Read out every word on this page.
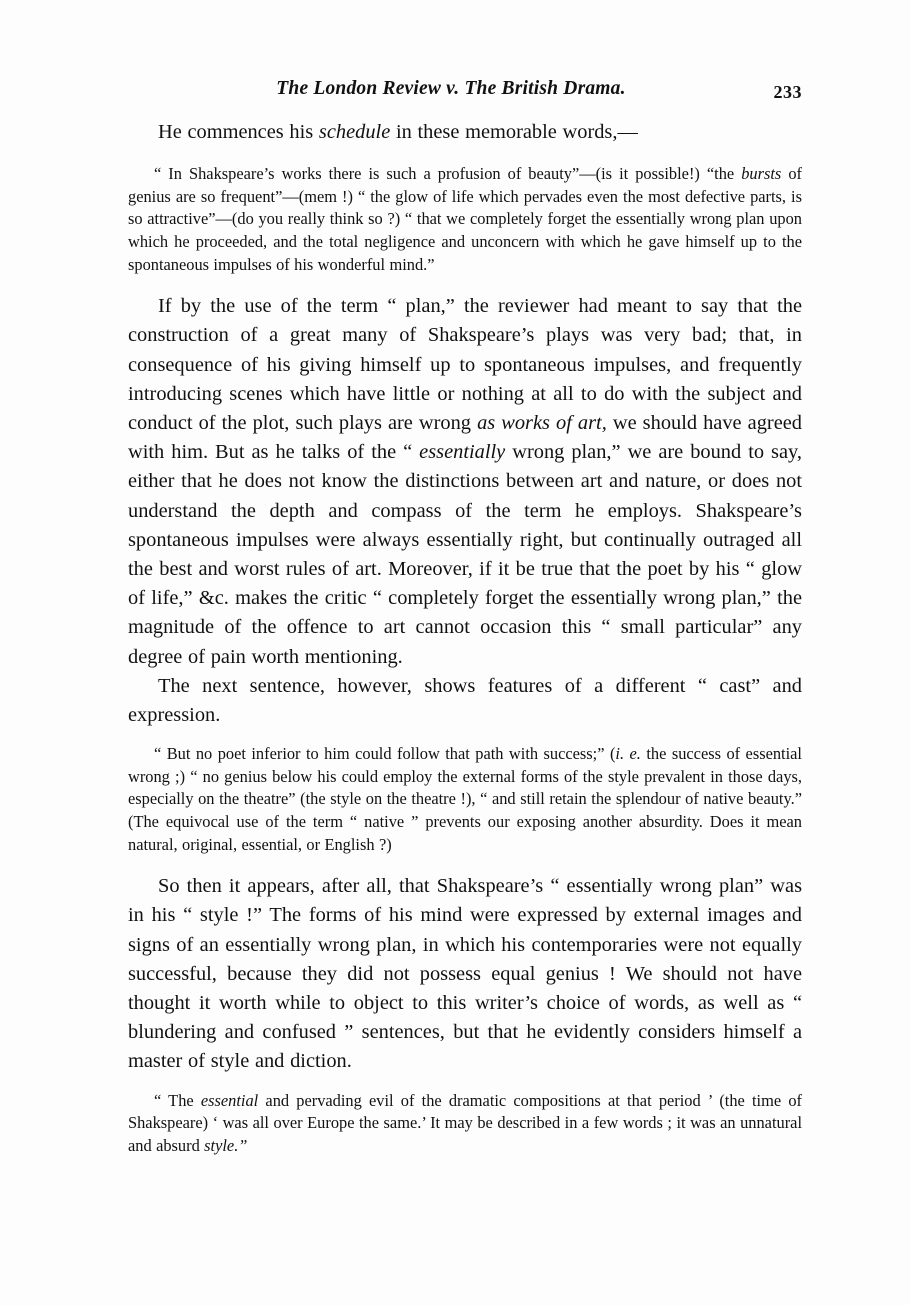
The London Review v. The British Drama.	233

He commences his schedule in these memorable words,—

“ In Shakspeare’s works there is such a profusion of beauty”—(is it possible!) “the bursts of genius are so frequent”—(mem !) “ the glow of life which pervades even the most defective parts, is so attractive”—(do you really think so ?) “ that we completely forget the essentially wrong plan upon which he proceeded, and the total negligence and unconcern with which he gave himself up to the spontaneous impulses of his wonderful mind.”

If by the use of the term “ plan,” the reviewer had meant to say that the construction of a great many of Shakspeare’s plays was very bad; that, in consequence of his giving himself up to spontaneous impulses, and frequently introducing scenes which have little or nothing at all to do with the subject and conduct of the plot, such plays are wrong as works of art, we should have agreed with him. But as he talks of the “ essentially wrong plan,” we are bound to say, either that he does not know the distinctions between art and nature, or does not understand the depth and compass of the term he employs. Shakspeare’s spontaneous impulses were always essentially right, but continually outraged all the best and worst rules of art. Moreover, if it be true that the poet by his “ glow of life,” &c. makes the critic “ completely forget the essentially wrong plan,” the magnitude of the offence to art cannot occasion this “ small particular” any degree of pain worth mentioning.

The next sentence, however, shows features of a different “ cast” and expression.

“ But no poet inferior to him could follow that path with success;” (i. e. the success of essential wrong ;) “ no genius below his could employ the external forms of the style prevalent in those days, especially on the theatre” (the style on the theatre !), “ and still retain the splendour of native beauty.” (The equivocal use of the term “ native ” prevents our exposing another absurdity. Does it mean natural, original, essential, or English ?)

So then it appears, after all, that Shakspeare’s “ essentially wrong plan” was in his “ style !” The forms of his mind were expressed by external images and signs of an essentially wrong plan, in which his contemporaries were not equally successful, because they did not possess equal genius ! We should not have thought it worth while to object to this writer’s choice of words, as well as “ blundering and confused ” sentences, but that he evidently considers himself a master of style and diction.

“ The essential and pervading evil of the dramatic compositions at that period ’ (the time of Shakspeare) ‘ was all over Europe the same.’ It may be described in a few words ; it was an unnatural and absurd style.”
